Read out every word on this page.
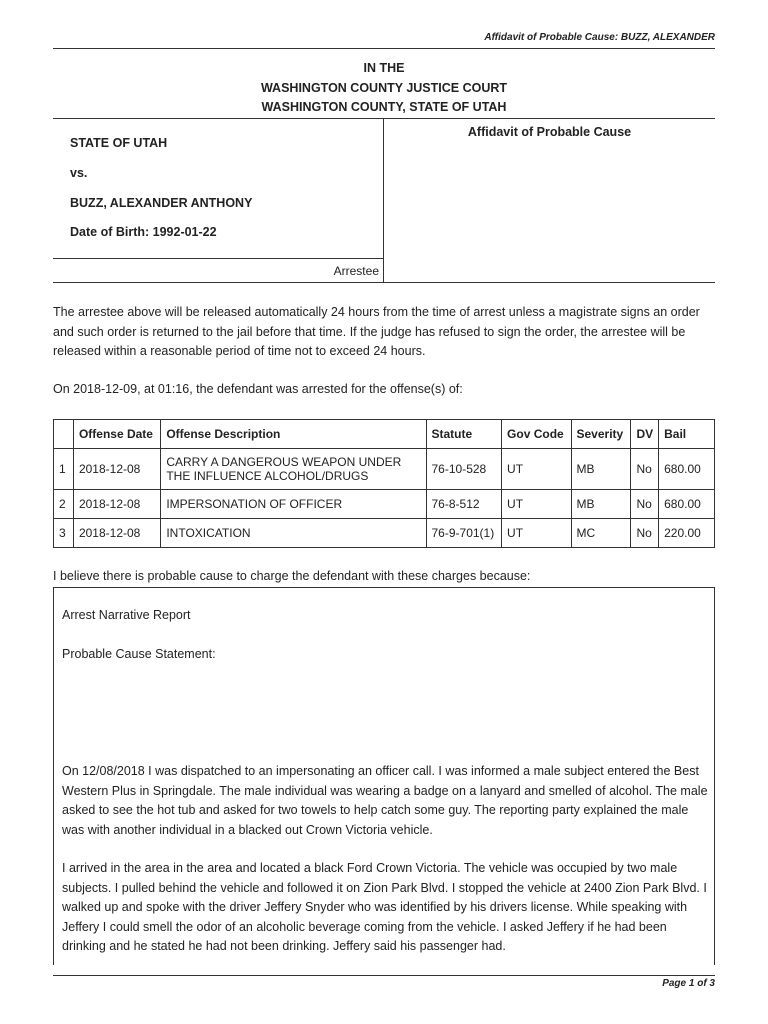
Affidavit of Probable Cause: BUZZ, ALEXANDER
IN THE
WASHINGTON COUNTY JUSTICE COURT
WASHINGTON COUNTY, STATE OF UTAH
STATE OF UTAH
vs.
BUZZ, ALEXANDER ANTHONY
Date of Birth: 1992-01-22
Arrestee
Affidavit of Probable Cause
The arrestee above will be released automatically 24 hours from the time of arrest unless a magistrate signs an order and such order is returned to the jail before that time. If the judge has refused to sign the order, the arrestee will be released within a reasonable period of time not to exceed 24 hours.
On 2018-12-09, at 01:16, the defendant was arrested for the offense(s) of:
	Offense Date	Offense Description	Statute	Gov Code	Severity	DV	Bail
1	2018-12-08	CARRY A DANGEROUS WEAPON UNDER THE INFLUENCE ALCOHOL/DRUGS	76-10-528	UT	MB	No	680.00
2	2018-12-08	IMPERSONATION OF OFFICER	76-8-512	UT	MB	No	680.00
3	2018-12-08	INTOXICATION	76-9-701(1)	UT	MC	No	220.00
I believe there is probable cause to charge the defendant with these charges because:
Arrest Narrative Report
Probable Cause Statement:
On 12/08/2018 I was dispatched to an impersonating an officer call. I was informed a male subject entered the Best Western Plus in Springdale. The male individual was wearing a badge on a lanyard and smelled of alcohol. The male asked to see the hot tub and asked for two towels to help catch some guy. The reporting party explained the male was with another individual in a blacked out Crown Victoria vehicle.
I arrived in the area in the area and located a black Ford Crown Victoria. The vehicle was occupied by two male subjects. I pulled behind the vehicle and followed it on Zion Park Blvd. I stopped the vehicle at 2400 Zion Park Blvd. I walked up and spoke with the driver Jeffery Snyder who was identified by his drivers license. While speaking with Jeffery I could smell the odor of an alcoholic beverage coming from the vehicle. I asked Jeffery if he had been drinking and he stated he had not been drinking. Jeffery said his passenger had.
Page 1 of 3
